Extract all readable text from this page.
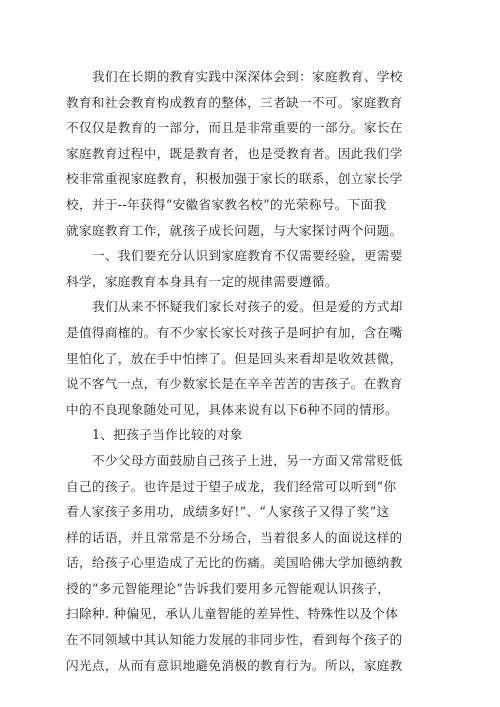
我们在长期的教育实践中深深体会到：家庭教育、学校
教育和社会教育构成教育的整体，三者缺一不可。家庭教育
不仅仅是教育的一部分，而且是非常重要的一部分。家长在
家庭教育过程中，既是教育者，也是受教育者。因此我们学
校非常重视家庭教育，积极加强于家长的联系，创立家长学
校，并于--年获得“安徽省家教名校”的光荣称号。下面我
就家庭教育工作，就孩子成长问题，与大家探讨两个问题。
一、我们要充分认识到家庭教育不仅需要经验，更需要
科学，家庭教育本身具有一定的规律需要遵循。
我们从来不怀疑我们家长对孩子的爱。但是爱的方式却
是值得商榷的。有不少家长家长对孩子是呵护有加，含在嘴
里怕化了，放在手中怕摔了。但是回头来看却是收效甚微，
说不客气一点，有少数家长是在辛辛苦苦的害孩子。在教育
中的不良现象随处可见，具体来说有以下6种不同的情形。
1、把孩子当作比较的对象
不少父母方面鼓励自己孩子上进，另一方面又常常贬低
自己的孩子。也许是过于望子成龙，我们经常可以听到“你
看人家孩子多用功，成绩多好!”、“人家孩子又得了奖”这
样的话语，并且常常是不分场合，当着很多人的面说这样的
话，给孩子心里造成了无比的伤痛。美国哈佛大学加德纳教
授的“多元智能理论”告诉我们要用多元智能观认识孩子，
扫除种. 种偏见，承认儿童智能的差异性、特殊性以及个体
在不同领域中其认知能力发展的非同步性，看到每个孩子的
闪光点，从而有意识地避免消极的教育行为。所以，家庭教
